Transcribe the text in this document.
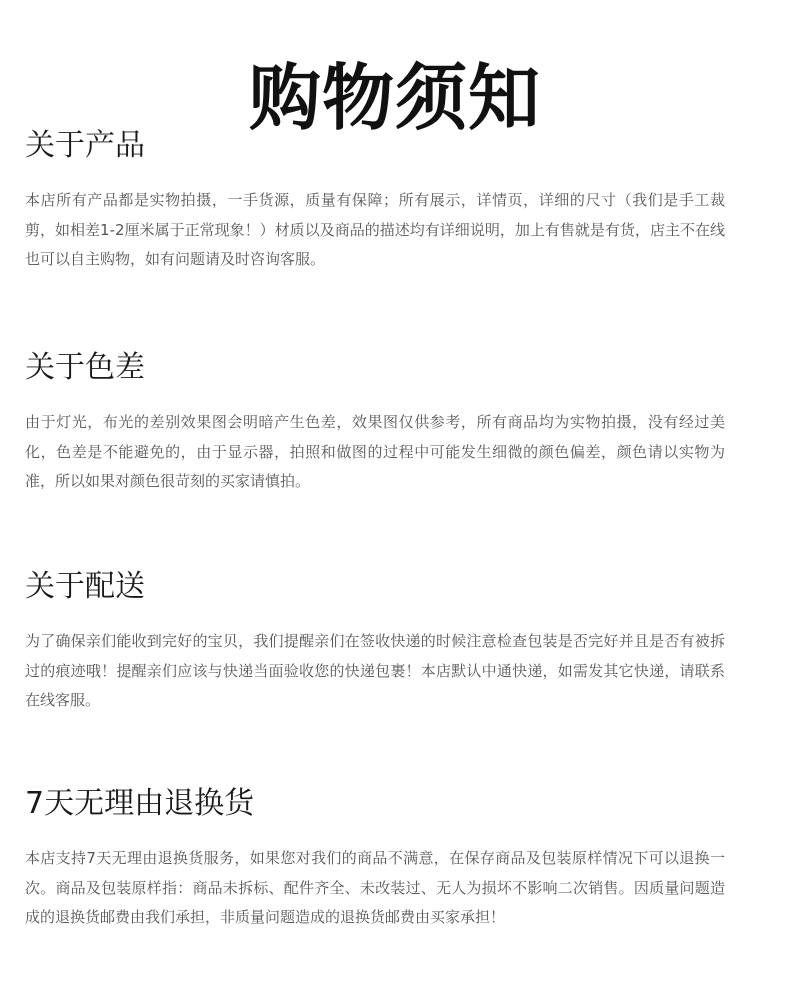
购物须知
关于产品

本店所有产品都是实物拍摄，一手货源，质量有保障；所有展示，详情页，详细的尺寸（我们是手工裁剪，如相差1-2厘米属于正常现象！）材质以及商品的描述均有详细说明，加上有售就是有货，店主不在线也可以自主购物，如有问题请及时咨询客服。

关于色差

由于灯光，布光的差别效果图会明暗产生色差，效果图仅供参考，所有商品均为实物拍摄，没有经过美化，色差是不能避免的，由于显示器，拍照和做图的过程中可能发生细微的颜色偏差，颜色请以实物为准，所以如果对颜色很苛刻的买家请慎拍。

关于配送

为了确保亲们能收到完好的宝贝，我们提醒亲们在签收快递的时候注意检查包装是否完好并且是否有被拆过的痕迹哦！提醒亲们应该与快递当面验收您的快递包裹！本店默认中通快递，如需发其它快递，请联系在线客服。

7天无理由退换货

本店支持7天无理由退换货服务，如果您对我们的商品不满意，在保存商品及包装原样情况下可以退换一次。商品及包装原样指：商品未拆标、配件齐全、未改装过、无人为损坏不影响二次销售。因质量问题造成的退换货邮费由我们承担，非质量问题造成的退换货邮费由买家承担！
